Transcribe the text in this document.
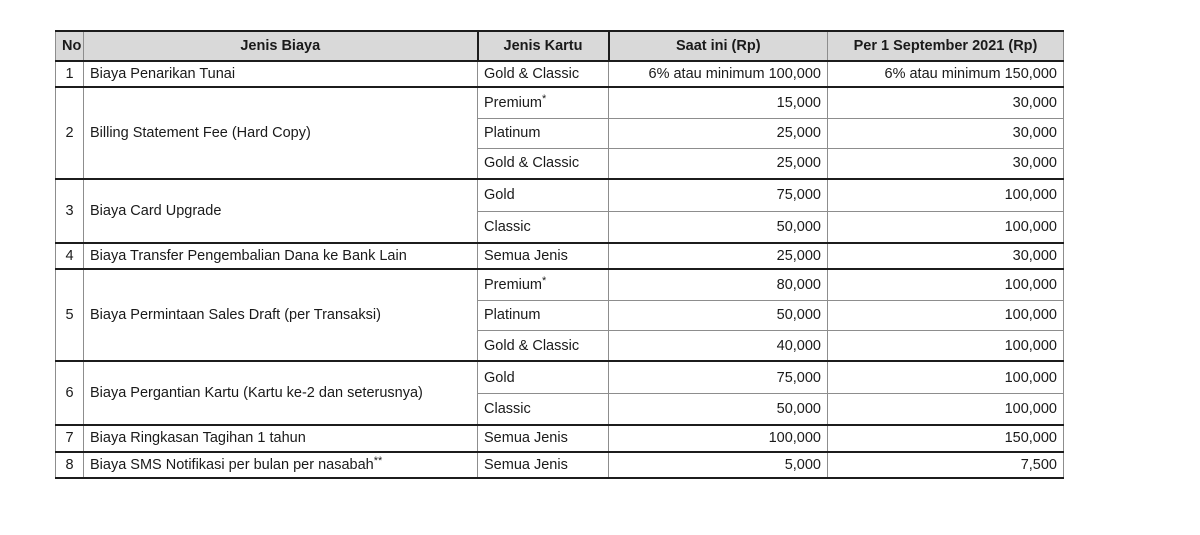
No	Jenis Biaya	Jenis Kartu	Saat ini (Rp)	Per 1 September 2021 (Rp)
1	Biaya Penarikan Tunai	Gold & Classic	6% atau minimum 100,000	6% atau minimum 150,000
2	Billing Statement Fee (Hard Copy)	Premium*	15,000	30,000
		Platinum	25,000	30,000
		Gold & Classic	25,000	30,000
3	Biaya Card Upgrade	Gold	75,000	100,000
		Classic	50,000	100,000
4	Biaya Transfer Pengembalian Dana ke Bank Lain	Semua Jenis	25,000	30,000
5	Biaya Permintaan Sales Draft (per Transaksi)	Premium*	80,000	100,000
		Platinum	50,000	100,000
		Gold & Classic	40,000	100,000
6	Biaya Pergantian Kartu (Kartu ke-2 dan seterusnya)	Gold	75,000	100,000
		Classic	50,000	100,000
7	Biaya Ringkasan Tagihan 1 tahun	Semua Jenis	100,000	150,000
8	Biaya SMS Notifikasi per bulan per nasabah**	Semua Jenis	5,000	7,500
